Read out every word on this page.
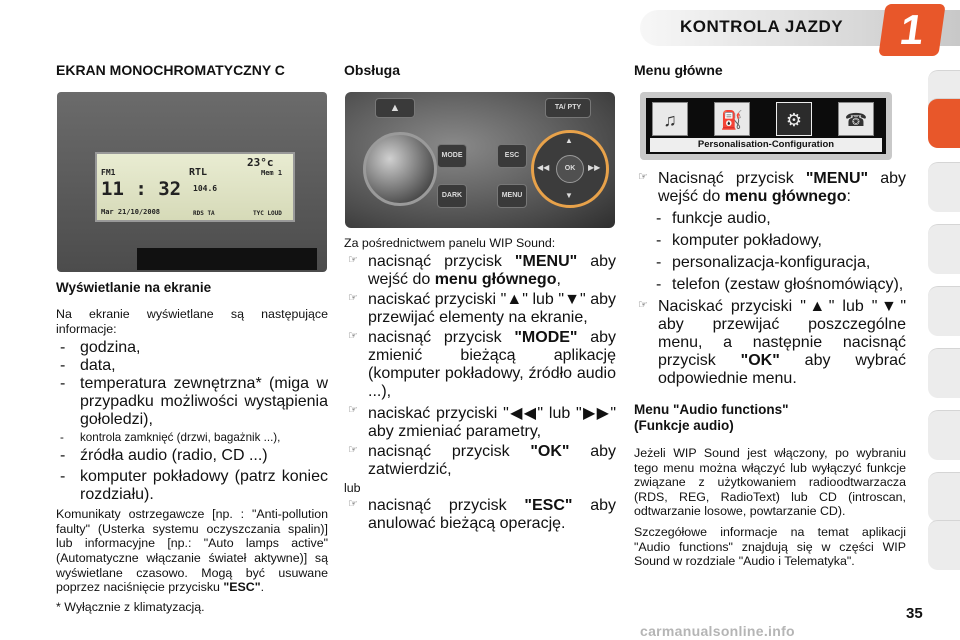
KONTROLA JAZDY	1
EKRAN MONOCHROMATYCZNY C
23°c
FM1	RTL	Mem 1
11 : 32 104.6
Mar 21/10/2008	RDS TA	TYC LOUD
Wyświetlanie na ekranie

Na ekranie wyświetlane są następujące informacje:

- godzina,
- data,
- temperatura zewnętrzna* (miga w przypadku możliwości wystąpienia gołoledzi),
- kontrola zamknięć (drzwi, bagażnik ...),
- źródła audio (radio, CD ...)
- komputer pokładowy (patrz koniec rozdziału).

Komunikaty ostrzegawcze [np. : "Anti-pollution faulty" (Usterka systemu oczyszczania spalin)] lub informacyjne [np.: "Auto lamps active" (Automatyczne włączanie świateł aktywne)] są wyświetlane czasowo. Mogą być usuwane poprzez naciśnięcie przycisku "ESC".

Obsługa
▲	TA/ PTY
MODE
DARK
ESC
MENU
▲
▼
◀◀	▶▶
OK

Za pośrednictwem panelu WIP Sound:

☞ nacisnąć przycisk "MENU" aby wejść do menu głównego,
☞ naciskać przyciski "▲" lub "▼" aby przewijać elementy na ekranie,
☞ nacisnąć przycisk "MODE" aby zmienić bieżącą aplikację (komputer pokładowy, źródło audio ...),
☞ naciskać przyciski "◀◀" lub "▶▶" aby zmieniać parametry,
☞ nacisnąć przycisk "OK" aby zatwierdzić,

lub

☞ nacisnąć przycisk "ESC" aby anulować bieżącą operację.
Menu główne
♫	⛽	⚙	☎
Personalisation-Configuration
☞ Nacisnąć przycisk "MENU" aby wejść do menu głównego:
- funkcje audio,
- komputer pokładowy,
- personalizacja-konfiguracja,
- telefon (zestaw głośnomówiący),
☞ Naciskać przyciski "▲" lub "▼" aby przewijać poszczególne menu, a następnie nacisnąć przycisk "OK" aby wybrać odpowiednie menu.
Menu "Audio functions"
(Funkcje audio)

Jeżeli WIP Sound jest włączony, po wybraniu tego menu można włączyć lub wyłączyć funkcje związane z użytkowaniem radioodtwarzacza (RDS, REG, RadioText) lub CD (introscan, odtwarzanie losowe, powtarzanie CD).

Szczegółowe informacje na temat aplikacji "Audio functions" znajdują się w części WIP Sound w rozdziale "Audio i Telematyka".

* Wyłącznie z klimatyzacją.	35
carmanualsonline.info
